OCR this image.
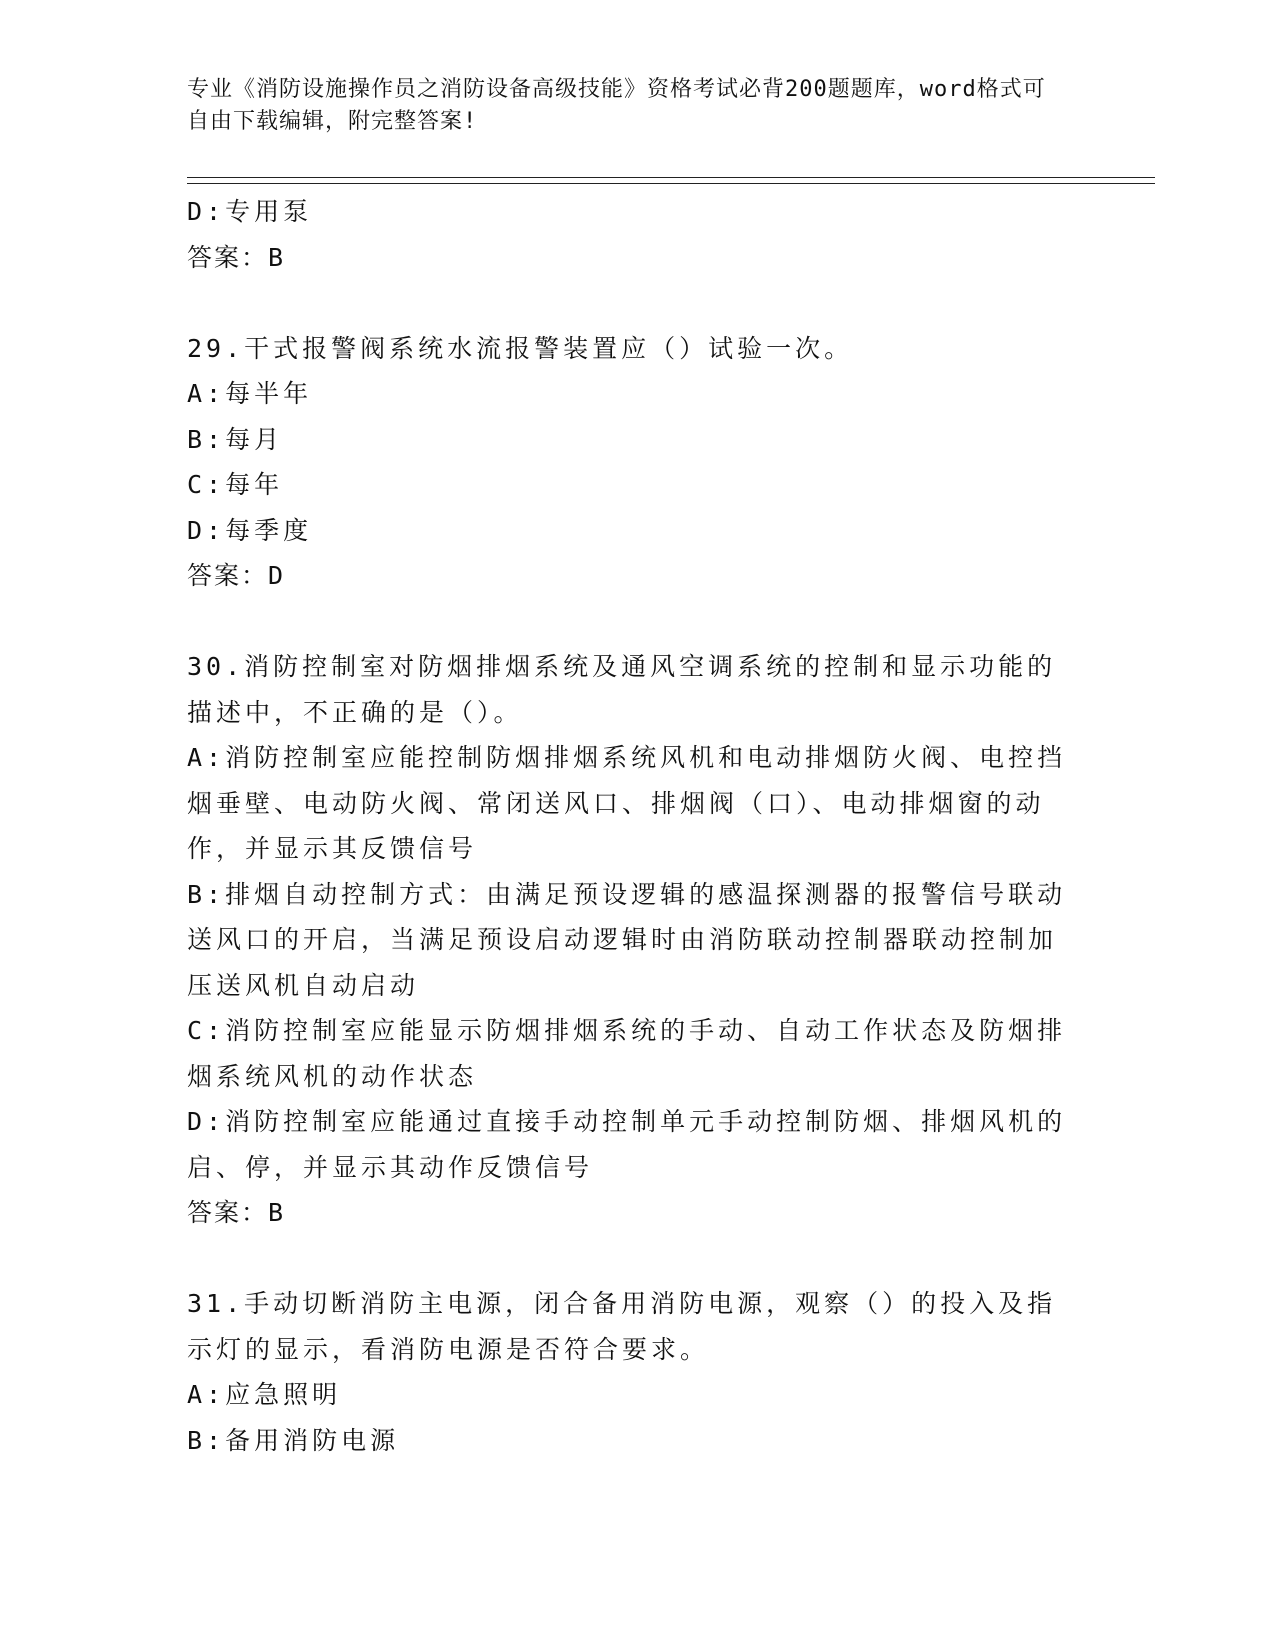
专业《消防设施操作员之消防设备高级技能》资格考试必背200题题库，word格式可自由下载编辑，附完整答案!
D:专用泵
答案：B
29.干式报警阀系统水流报警装置应（）试验一次。
A:每半年
B:每月
C:每年
D:每季度
答案：D
30.消防控制室对防烟排烟系统及通风空调系统的控制和显示功能的描述中，不正确的是（）。
A:消防控制室应能控制防烟排烟系统风机和电动排烟防火阀、电控挡烟垂壁、电动防火阀、常闭送风口、排烟阀（口）、电动排烟窗的动作，并显示其反馈信号
B:排烟自动控制方式：由满足预设逻辑的感温探测器的报警信号联动送风口的开启，当满足预设启动逻辑时由消防联动控制器联动控制加压送风机自动启动
C:消防控制室应能显示防烟排烟系统的手动、自动工作状态及防烟排烟系统风机的动作状态
D:消防控制室应能通过直接手动控制单元手动控制防烟、排烟风机的启、停，并显示其动作反馈信号
答案：B
31.手动切断消防主电源，闭合备用消防电源，观察（）的投入及指示灯的显示，看消防电源是否符合要求。
A:应急照明
B:备用消防电源
